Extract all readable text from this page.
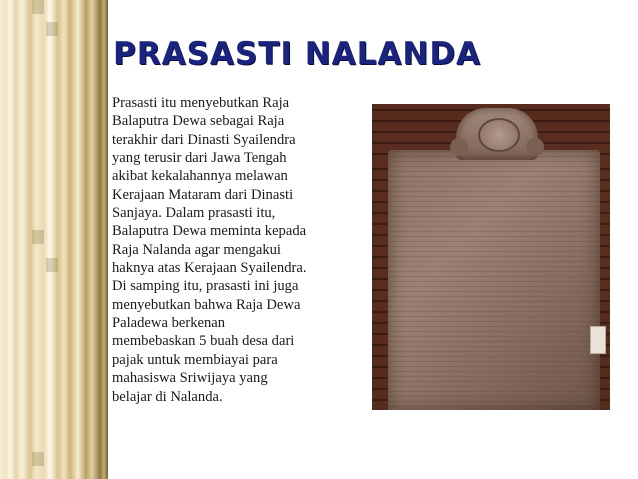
PRASASTI NALANDA

Prasasti itu menyebutkan Raja
Balaputra Dewa sebagai Raja
terakhir dari Dinasti Syailendra
yang terusir dari Jawa Tengah
akibat kekalahannya melawan
Kerajaan Mataram dari Dinasti
Sanjaya. Dalam prasasti itu,
Balaputra Dewa meminta kepada
Raja Nalanda agar mengakui
haknya atas Kerajaan Syailendra.
Di samping itu, prasasti ini juga
menyebutkan bahwa Raja Dewa
Paladewa berkenan
membebaskan 5 buah desa dari
pajak untuk membiayai para
mahasiswa Sriwijaya yang
belajar di Nalanda.
